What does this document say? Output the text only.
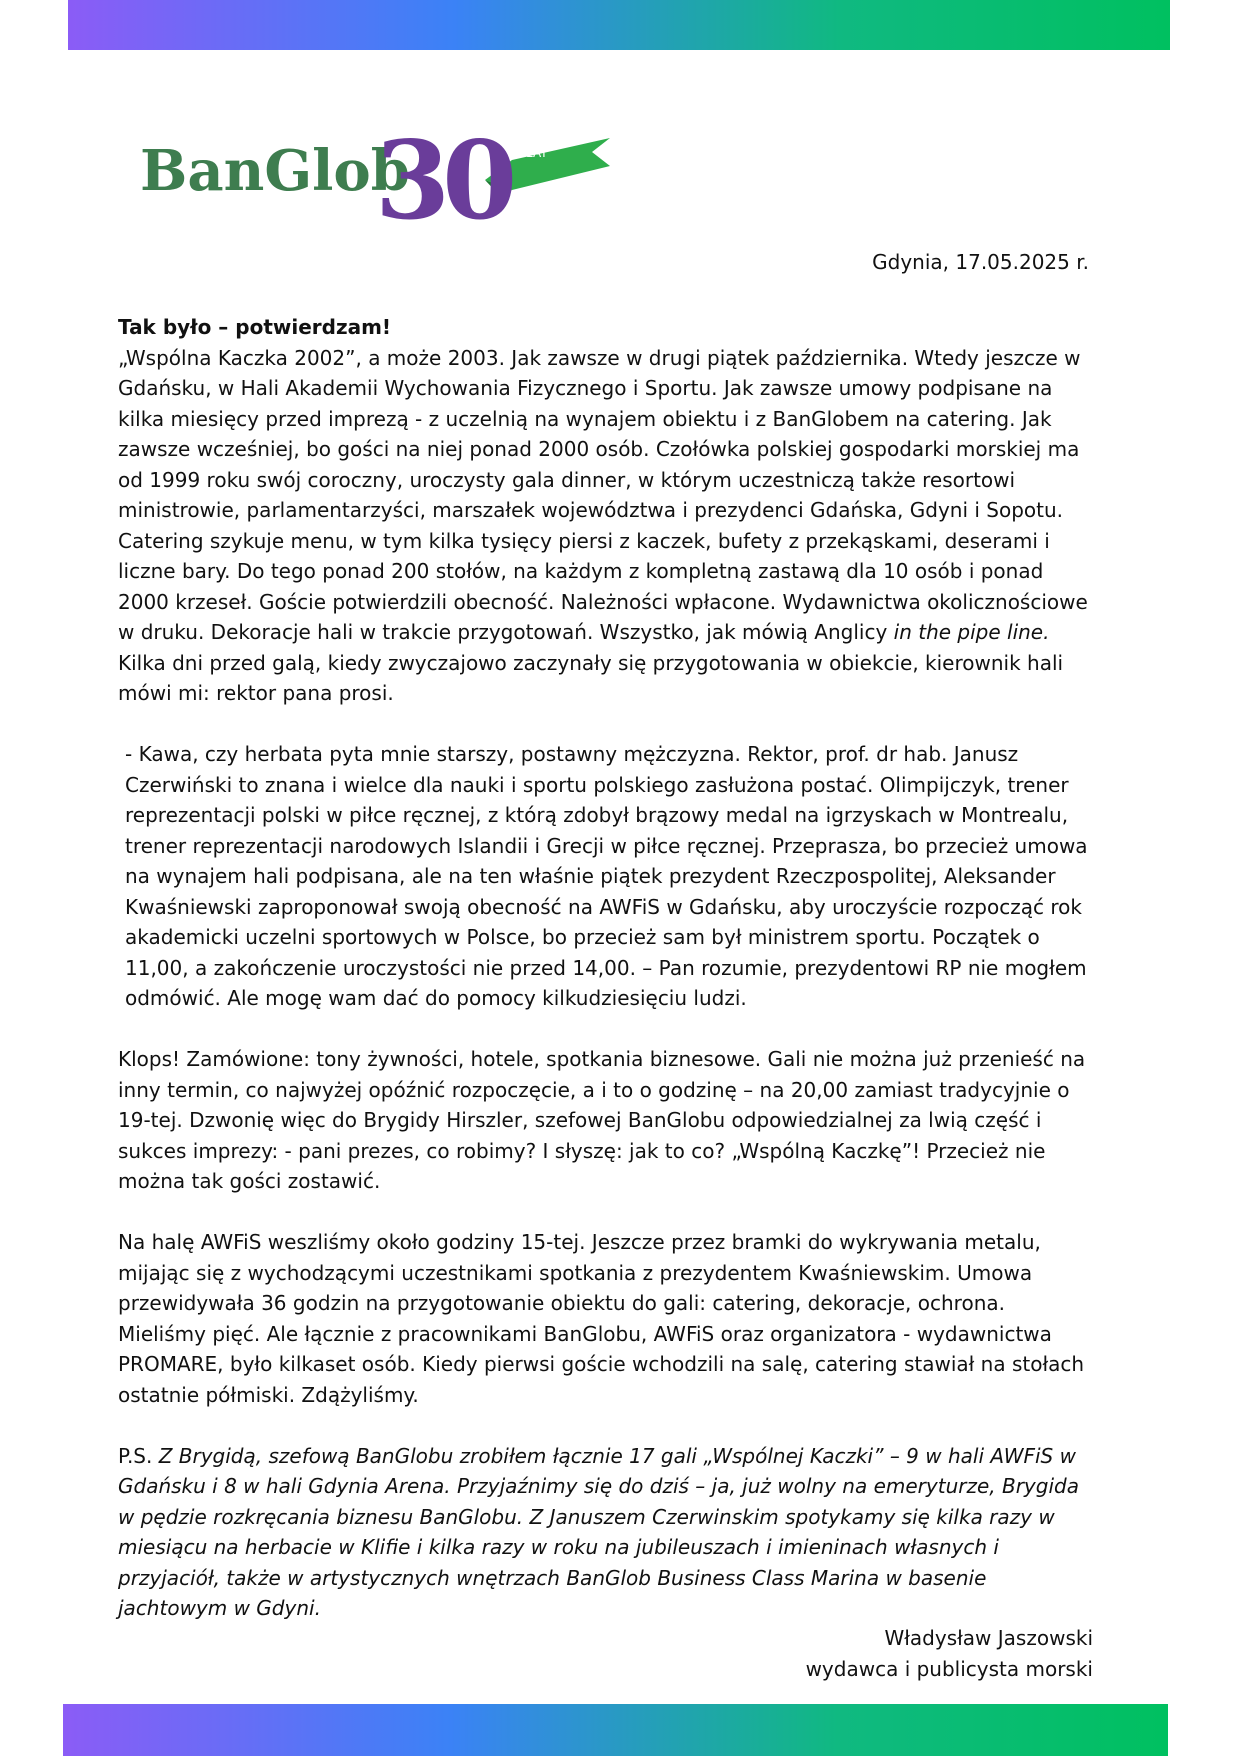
BanGlob
30	LAT

Gdynia, 17.05.2025 r.

Tak było – potwierdzam!

„Wspólna Kaczka 2002”, a może 2003. Jak zawsze w drugi piątek października. Wtedy jeszcze w Gdańsku, w Hali Akademii Wychowania Fizycznego i Sportu. Jak zawsze umowy podpisane na kilka miesięcy przed imprezą - z uczelnią na wynajem obiektu i z BanGlobem na catering. Jak zawsze wcześniej, bo gości na niej ponad 2000 osób. Czołówka polskiej gospodarki morskiej ma od 1999 roku swój coroczny, uroczysty gala dinner, w którym uczestniczą także resortowi ministrowie, parlamentarzyści, marszałek województwa i prezydenci Gdańska, Gdyni i Sopotu. Catering szykuje menu, w tym kilka tysięcy piersi z kaczek, bufety z przekąskami, deserami i liczne bary. Do tego ponad 200 stołów, na każdym z kompletną zastawą dla 10 osób i ponad 2000 krzeseł. Goście potwierdzili obecność. Należności wpłacone. Wydawnictwa okolicznościowe w druku. Dekoracje hali w trakcie przygotowań. Wszystko, jak mówią Anglicy in the pipe line. Kilka dni przed galą, kiedy zwyczajowo zaczynały się przygotowania w obiekcie, kierownik hali mówi mi: rektor pana prosi.

- Kawa, czy herbata pyta mnie starszy, postawny mężczyzna. Rektor, prof. dr hab. Janusz Czerwiński to znana i wielce dla nauki i sportu polskiego zasłużona postać. Olimpijczyk, trener reprezentacji polski w piłce ręcznej, z którą zdobył brązowy medal na igrzyskach w Montrealu, trener reprezentacji narodowych Islandii i Grecji w piłce ręcznej. Przeprasza, bo przecież umowa na wynajem hali podpisana, ale na ten właśnie piątek prezydent Rzeczpospolitej, Aleksander Kwaśniewski zaproponował swoją obecność na AWFiS w Gdańsku, aby uroczyście rozpocząć rok akademicki uczelni sportowych w Polsce, bo przecież sam był ministrem sportu. Początek o 11,00, a zakończenie uroczystości nie przed 14,00. – Pan rozumie, prezydentowi RP nie mogłem odmówić. Ale mogę wam dać do pomocy kilkudziesięciu ludzi.

Klops! Zamówione: tony żywności, hotele, spotkania biznesowe. Gali nie można już przenieść na inny termin, co najwyżej opóźnić rozpoczęcie, a i to o godzinę – na 20,00 zamiast tradycyjnie o 19-tej. Dzwonię więc do Brygidy Hirszler, szefowej BanGlobu odpowiedzialnej za lwią część i sukces imprezy: - pani prezes, co robimy? I słyszę: jak to co? „Wspólną Kaczkę”! Przecież nie można tak gości zostawić.

Na halę AWFiS weszliśmy około godziny 15-tej. Jeszcze przez bramki do wykrywania metalu, mijając się z wychodzącymi uczestnikami spotkania z prezydentem Kwaśniewskim. Umowa przewidywała 36 godzin na przygotowanie obiektu do gali: catering, dekoracje, ochrona. Mieliśmy pięć. Ale łącznie z pracownikami BanGlobu, AWFiS oraz organizatora - wydawnictwa PROMARE, było kilkaset osób. Kiedy pierwsi goście wchodzili na salę, catering stawiał na stołach ostatnie półmiski. Zdążyliśmy.

P.S. Z Brygidą, szefową BanGlobu zrobiłem łącznie 17 gali „Wspólnej Kaczki” – 9 w hali AWFiS w Gdańsku i 8 w hali Gdynia Arena. Przyjaźnimy się do dziś – ja, już wolny na emeryturze, Brygida w pędzie rozkręcania biznesu BanGlobu. Z Januszem Czerwinskim spotykamy się kilka razy w miesiącu na herbacie w Klifie i kilka razy w roku na jubileuszach i imieninach własnych i przyjaciół, także w artystycznych wnętrzach BanGlob Business Class Marina w basenie jachtowym w Gdyni.

Władysław Jaszowski
wydawca i publicysta morski
